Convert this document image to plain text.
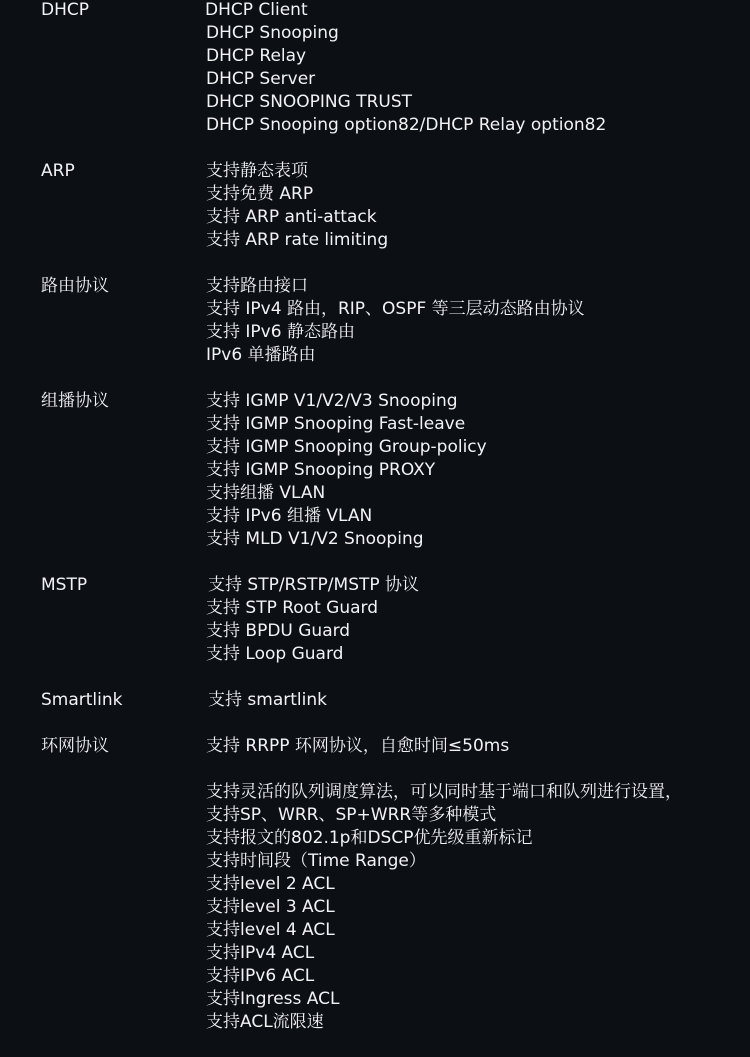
DHCP	DHCP Client
DHCP Snooping
DHCP Relay
DHCP Server
DHCP SNOOPING TRUST
DHCP Snooping option82/DHCP Relay option82
ARP	支持静态表项
支持免费 ARP
支持 ARP anti-attack
支持 ARP rate limiting
路由协议	支持路由接口
支持 IPv4 路由，RIP、OSPF 等三层动态路由协议
支持 IPv6 静态路由
IPv6 单播路由
组播协议	支持 IGMP V1/V2/V3 Snooping
支持 IGMP Snooping Fast-leave
支持 IGMP Snooping Group-policy
支持 IGMP Snooping PROXY
支持组播 VLAN
支持 IPv6 组播 VLAN
支持 MLD V1/V2 Snooping
MSTP	支持 STP/RSTP/MSTP 协议
支持 STP Root Guard
支持 BPDU Guard
支持 Loop Guard
Smartlink	支持 smartlink
环网协议	支持 RRPP 环网协议，自愈时间≤50ms
支持灵活的队列调度算法，可以同时基于端口和队列进行设置，
支持SP、WRR、SP+WRR等多种模式
支持报文的802.1p和DSCP优先级重新标记
支持时间段（Time Range）
支持level 2 ACL
支持level 3 ACL
支持level 4 ACL
支持IPv4 ACL
支持IPv6 ACL
支持Ingress ACL
支持ACL流限速
